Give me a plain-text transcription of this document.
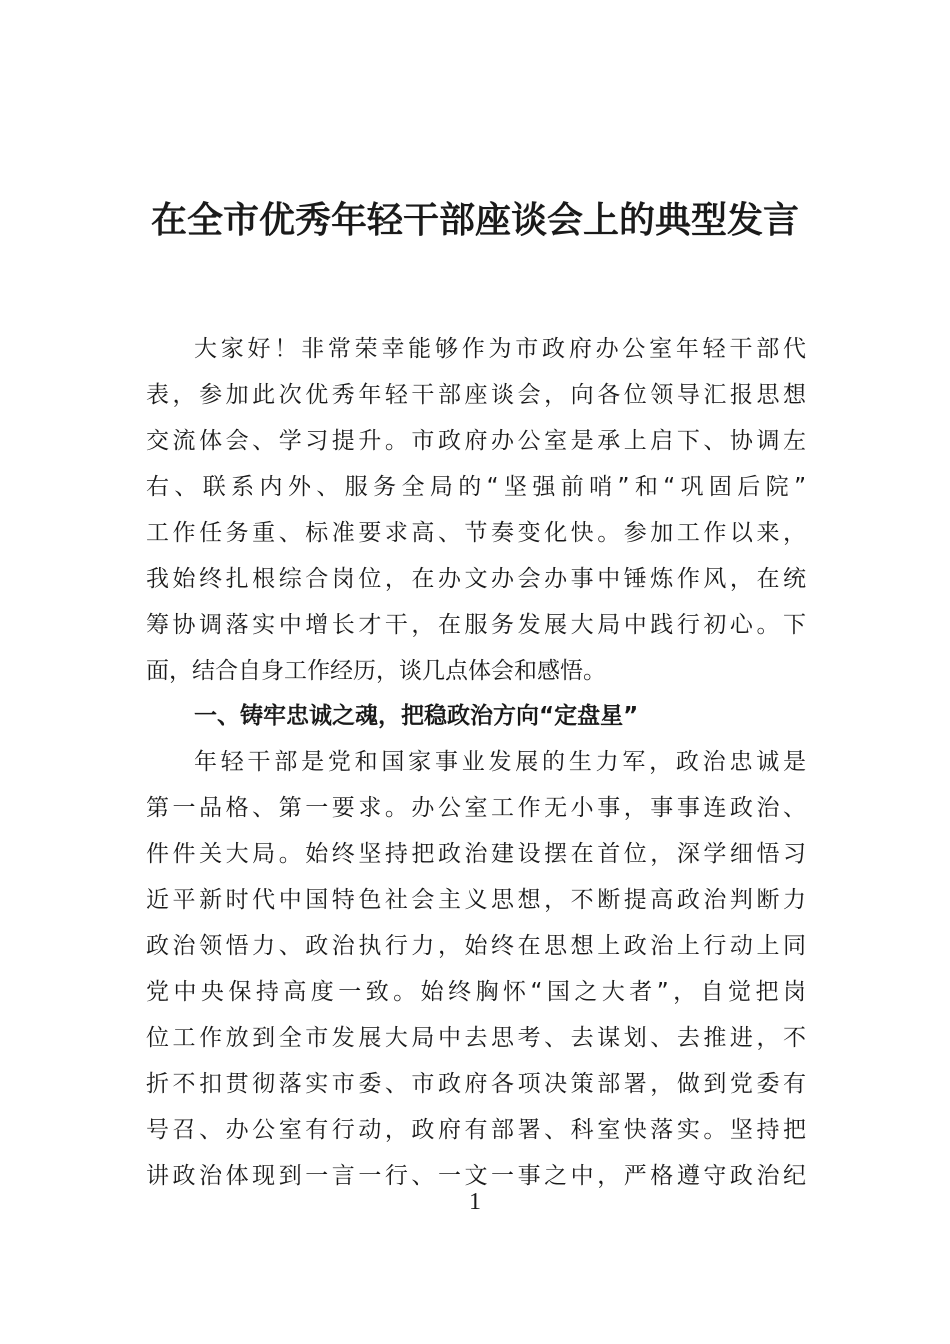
在全市优秀年轻干部座谈会上的典型发言
大家好！非常荣幸能够作为市政府办公室年轻干部代
表，参加此次优秀年轻干部座谈会，向各位领导汇报思想
交流体会、学习提升。市政府办公室是承上启下、协调左
右、联系内外、服务全局的“坚强前哨”和“巩固后院”
工作任务重、标准要求高、节奏变化快。参加工作以来，
我始终扎根综合岗位，在办文办会办事中锤炼作风，在统
筹协调落实中增长才干，在服务发展大局中践行初心。下
面，结合自身工作经历，谈几点体会和感悟。
一、铸牢忠诚之魂，把稳政治方向“定盘星”
年轻干部是党和国家事业发展的生力军，政治忠诚是
第一品格、第一要求。办公室工作无小事，事事连政治、
件件关大局。始终坚持把政治建设摆在首位，深学细悟习
近平新时代中国特色社会主义思想，不断提高政治判断力
政治领悟力、政治执行力，始终在思想上政治上行动上同
党中央保持高度一致。始终胸怀“国之大者”，自觉把岗
位工作放到全市发展大局中去思考、去谋划、去推进，不
折不扣贯彻落实市委、市政府各项决策部署，做到党委有
号召、办公室有行动，政府有部署、科室快落实。坚持把
讲政治体现到一言一行、一文一事之中，严格遵守政治纪
1
